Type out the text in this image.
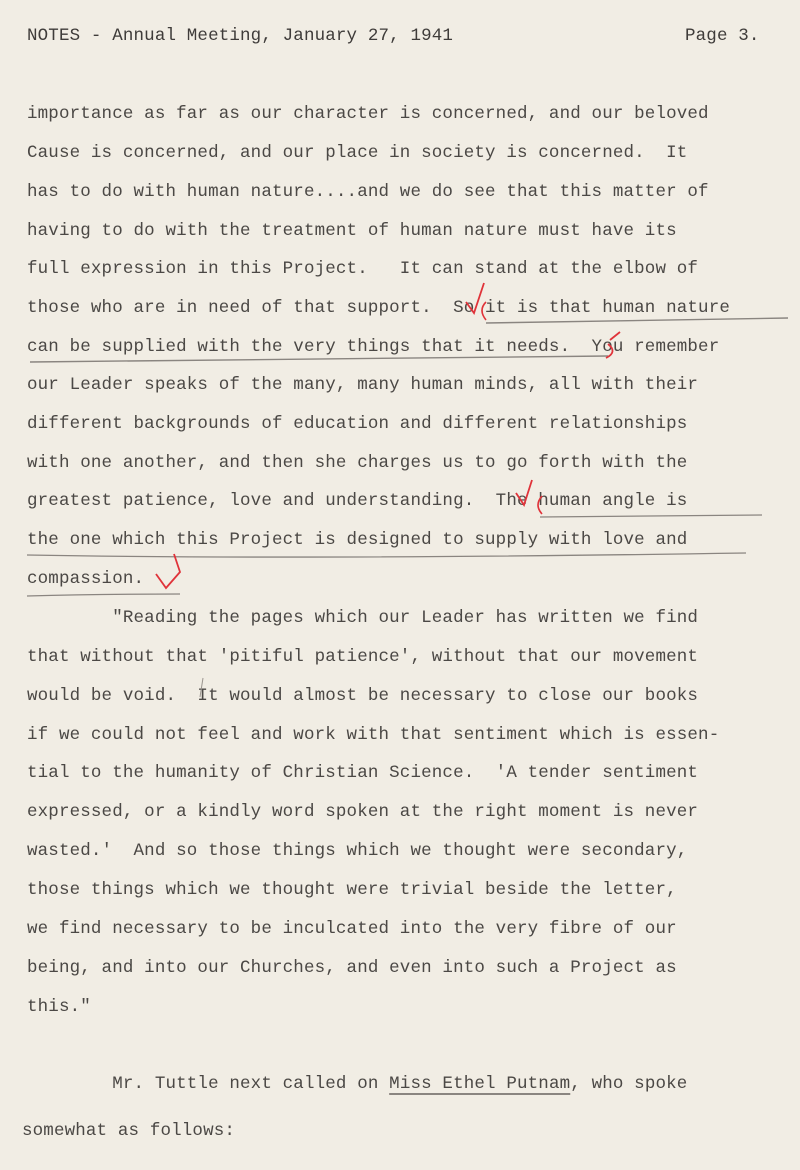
NOTES - Annual Meeting, January 27, 1941	Page 3.
importance as far as our character is concerned, and our beloved
Cause is concerned, and our place in society is concerned.  It
has to do with human nature....and we do see that this matter of
having to do with the treatment of human nature must have its
full expression in this Project.   It can stand at the elbow of
those who are in need of that support.  So it is that human nature
can be supplied with the very things that it needs.  You remember
our Leader speaks of the many, many human minds, all with their
different backgrounds of education and different relationships
with one another, and then she charges us to go forth with the
greatest patience, love and understanding.  The human angle is
the one which this Project is designed to supply with love and
compassion.
"Reading the pages which our Leader has written we find
that without that 'pitiful patience', without that our movement
would be void.  It would almost be necessary to close our books
if we could not feel and work with that sentiment which is essen-
tial to the humanity of Christian Science.  'A tender sentiment
expressed, or a kindly word spoken at the right moment is never
wasted.'  And so those things which we thought were secondary,
those things which we thought were trivial beside the letter,
we find necessary to be inculcated into the very fibre of our
being, and into our Churches, and even into such a Project as
this."
Mr. Tuttle next called on Miss Ethel Putnam, who spoke
somewhat as follows:
